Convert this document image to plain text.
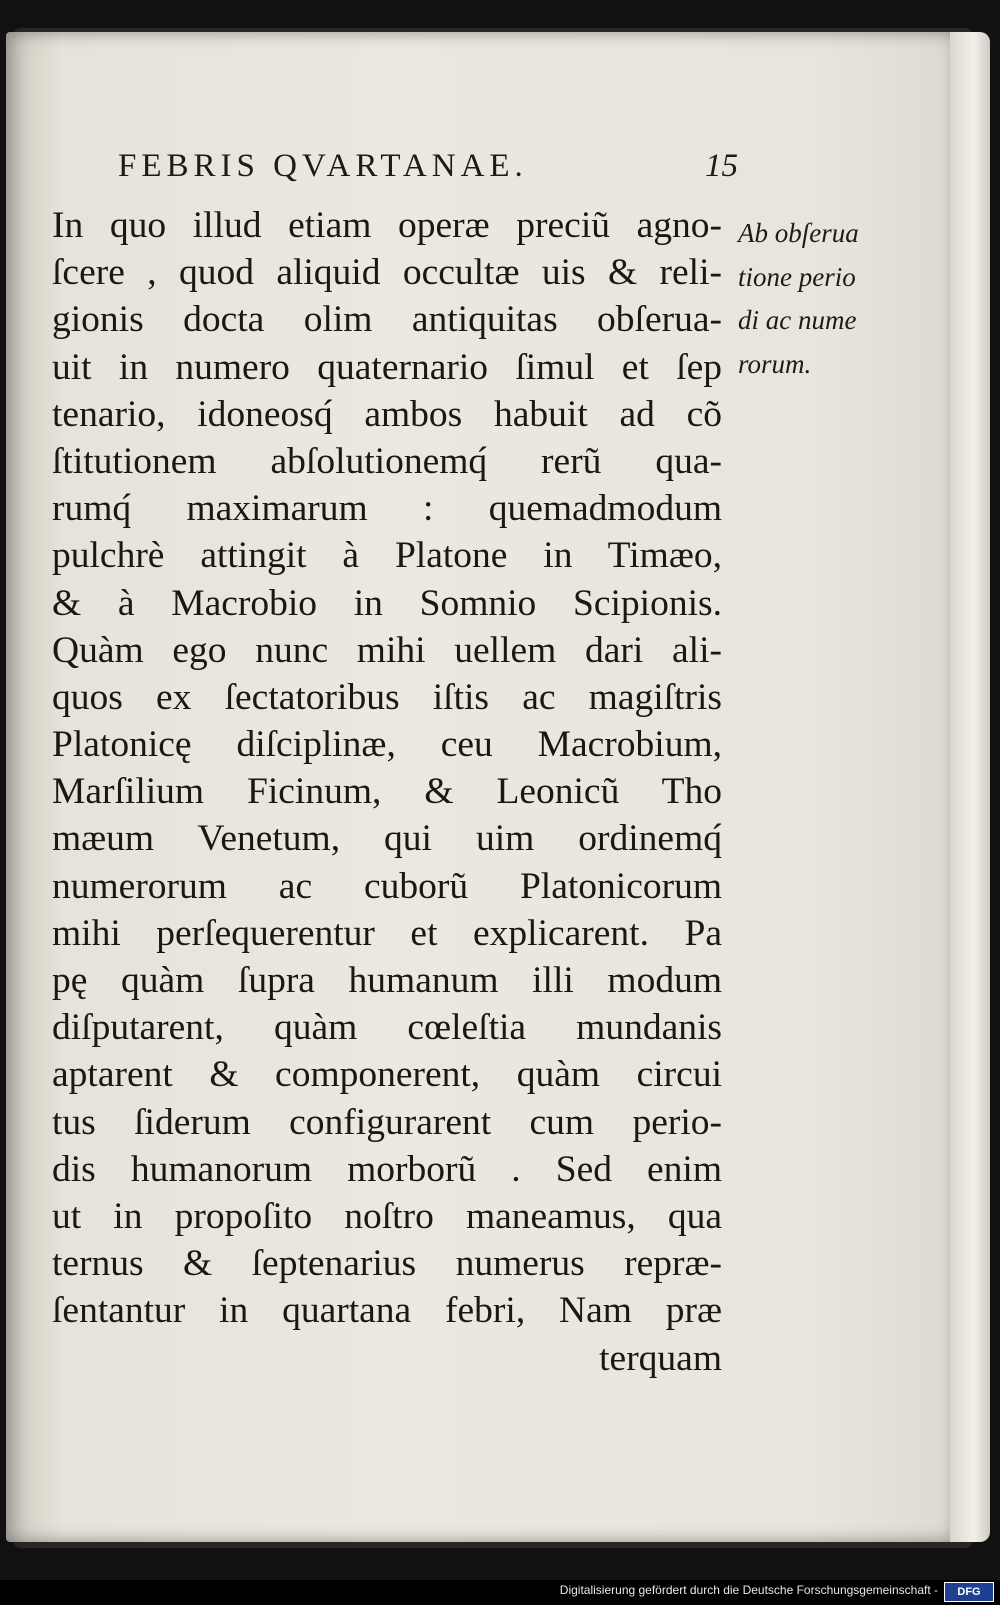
FEBRIS QVARTANAE.	15
In quo illud etiam operæ preciũ agno-
ſcere , quod aliquid occultæ uis & reli-
gionis docta olim antiquitas obſerua-
uit in numero quaternario ſimul et ſep
tenario, idoneosq́ ambos habuit ad cõ
ſtitutionem abſolutionemq́ rerũ qua-
rumq́ maximarum : quemadmodum
pulchrè attingit à Platone in Timæo,
& à Macrobio in Somnio Scipionis.
Quàm ego nunc mihi uellem dari ali-
quos ex ſectatoribus iſtis ac magiſtris
Platonicę diſciplinæ, ceu Macrobium,
Marſilium Ficinum, & Leonicũ Tho
mæum Venetum, qui uim ordinemq́
numerorum ac cuborũ Platonicorum
mihi perſequerentur et explicarent. Pa
pę quàm ſupra humanum illi modum
diſputarent, quàm cœleſtia mundanis
aptarent & componerent, quàm circui
tus ſiderum configurarent cum perio-
dis humanorum morborũ . Sed enim
ut in propoſito noſtro maneamus, qua
ternus & ſeptenarius numerus repræ-
ſentantur in quartana febri, Nam præ
terquam
Ab obſerua
tione perio
di ac nume
rorum.
Digitalisierung gefördert durch die Deutsche Forschungsgemeinschaft -	DFG
